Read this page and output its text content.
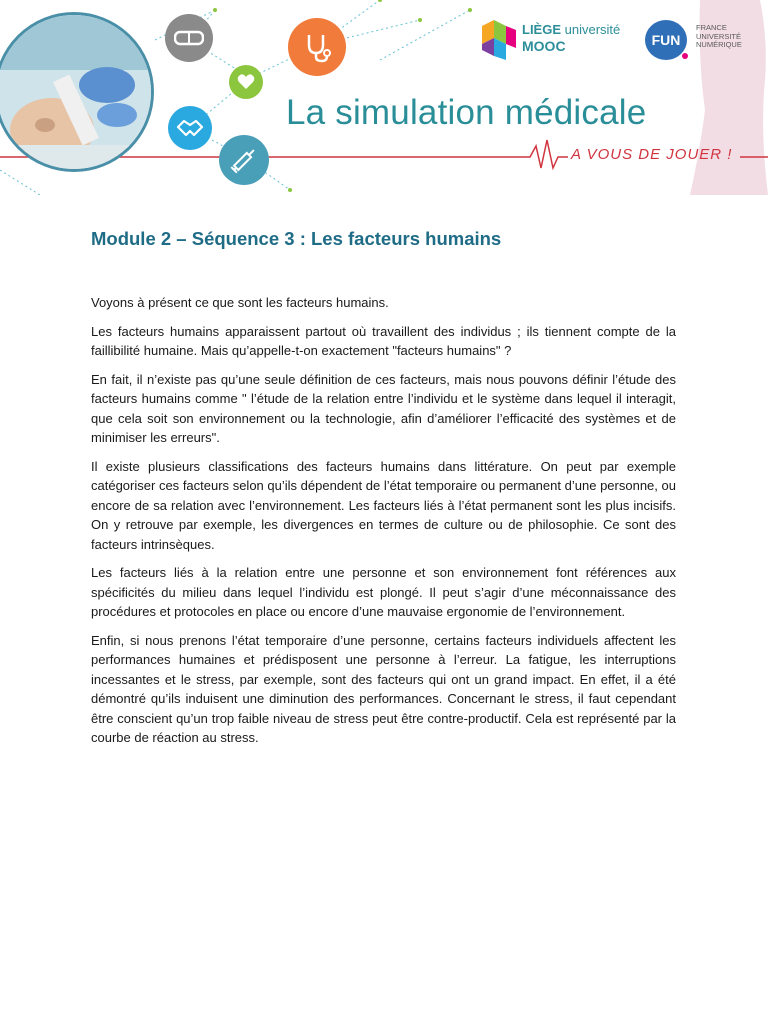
LIÈGE université
MOOC	FUN
FRANCE
UNIVERSITÉ
NUMÉRIQUE
La simulation médicale
A VOUS DE JOUER !
Module 2 – Séquence 3 : Les facteurs humains

Voyons à présent ce que sont les facteurs humains.

Les facteurs humains apparaissent partout où travaillent des individus ; ils tiennent compte de la faillibilité humaine. Mais qu’appelle-t-on exactement "facteurs humains" ?

En fait, il n’existe pas qu’une seule définition de ces facteurs, mais nous pouvons définir l’étude des facteurs humains comme " l’étude de la relation entre l’individu et le système dans lequel il interagit, que cela soit son environnement ou la technologie, afin d’améliorer l’efficacité des systèmes et de minimiser les erreurs".

Il existe plusieurs classifications des facteurs humains dans littérature. On peut par exemple catégoriser ces facteurs selon qu’ils dépendent de l’état temporaire ou permanent d’une personne, ou encore de sa relation avec l’environnement. Les facteurs liés à l’état permanent sont les plus incisifs. On y retrouve par exemple, les divergences en termes de culture ou de philosophie. Ce sont des facteurs intrinsèques.

Les facteurs liés à la relation entre une personne et son environnement font références aux spécificités du milieu dans lequel l’individu est plongé. Il peut s’agir d’une méconnaissance des procédures et protocoles en place ou encore d’une mauvaise ergonomie de l’environnement.

Enfin, si nous prenons l’état temporaire d’une personne, certains facteurs individuels affectent les performances humaines et prédisposent une personne à l’erreur. La fatigue, les interruptions incessantes et le stress, par exemple, sont des facteurs qui ont un grand impact. En effet, il a été démontré qu’ils induisent une diminution des performances. Concernant le stress, il faut cependant être conscient qu’un trop faible niveau de stress peut être contre-productif. Cela est représenté par la courbe de réaction au stress.
